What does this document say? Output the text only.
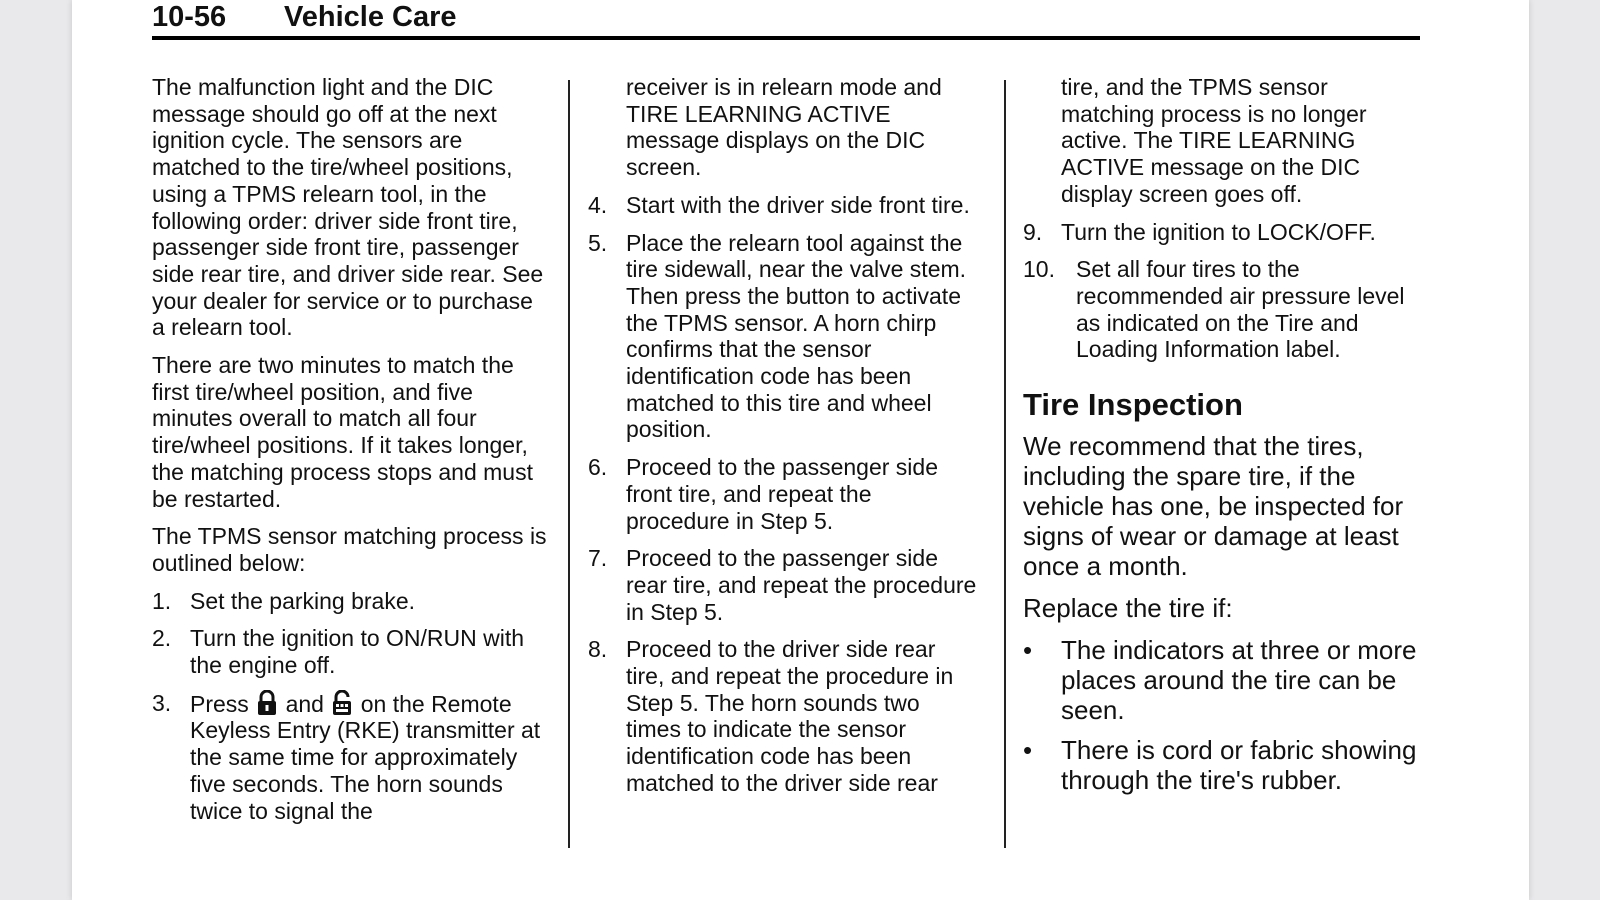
10-56	Vehicle Care

The malfunction light and the DIC message should go off at the next ignition cycle. The sensors are matched to the tire/wheel positions, using a TPMS relearn tool, in the following order: driver side front tire, passenger side front tire, passenger side rear tire, and driver side rear. See your dealer for service or to purchase a relearn tool.

There are two minutes to match the first tire/wheel position, and five minutes overall to match all four tire/wheel positions. If it takes longer, the matching process stops and must be restarted.

The TPMS sensor matching process is outlined below:

1. Set the parking brake.
2. Turn the ignition to ON/RUN with the engine off.
3. Press and on the Remote Keyless Entry (RKE) transmitter at the same time for approximately five seconds. The horn sounds twice to signal the

receiver is in relearn mode and TIRE LEARNING ACTIVE message displays on the DIC screen.

4. Start with the driver side front tire.
5. Place the relearn tool against the tire sidewall, near the valve stem. Then press the button to activate the TPMS sensor. A horn chirp confirms that the sensor identification code has been matched to this tire and wheel position.
6. Proceed to the passenger side front tire, and repeat the procedure in Step 5.
7. Proceed to the passenger side rear tire, and repeat the procedure in Step 5.
8. Proceed to the driver side rear tire, and repeat the procedure in Step 5. The horn sounds two times to indicate the sensor identification code has been matched to the driver side rear

tire, and the TPMS sensor matching process is no longer active. The TIRE LEARNING ACTIVE message on the DIC display screen goes off.

9. Turn the ignition to LOCK/OFF.
10. Set all four tires to the recommended air pressure level as indicated on the Tire and Loading Information label.
Tire Inspection

We recommend that the tires, including the spare tire, if the vehicle has one, be inspected for signs of wear or damage at least once a month.

Replace the tire if:

•	The indicators at three or more places around the tire can be seen.
•	There is cord or fabric showing through the tire's rubber.
